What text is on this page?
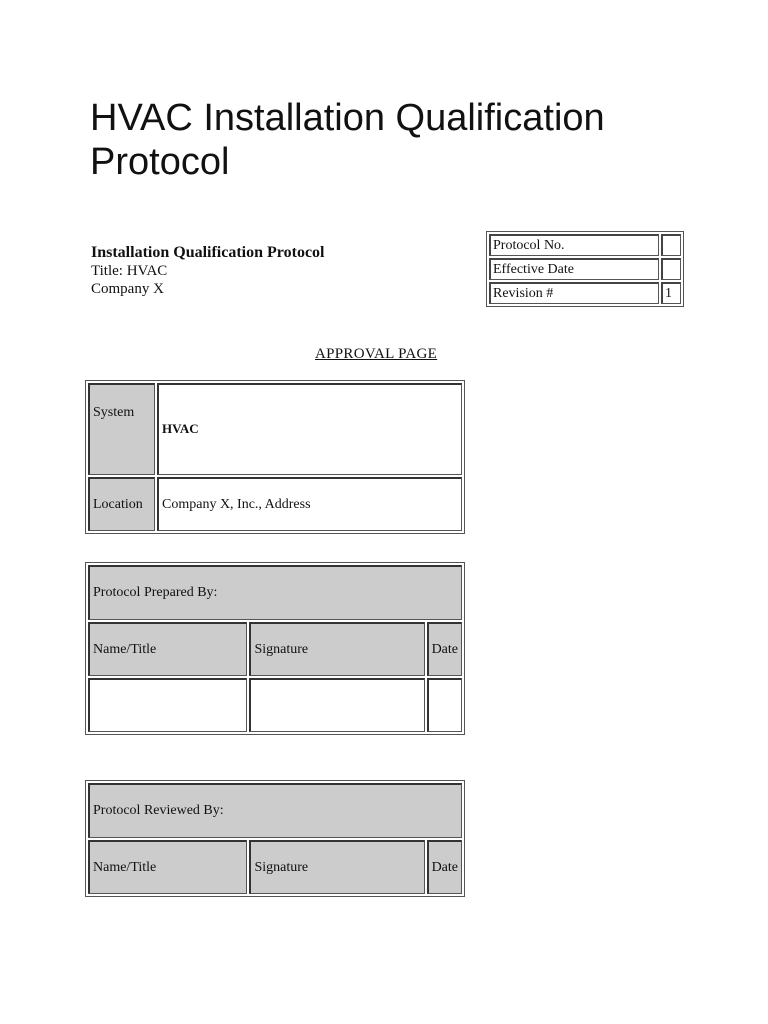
HVAC Installation Qualification Protocol
Installation Qualification Protocol
Title: HVAC
Company X
Protocol No.	
Effective Date	
Revision #	1
APPROVAL PAGE
System	HVAC
Location	Company X, Inc., Address
Protocol Prepared By:		
Name/Title	Signature	Date

Protocol Reviewed By:
Name/Title	Signature	Date
